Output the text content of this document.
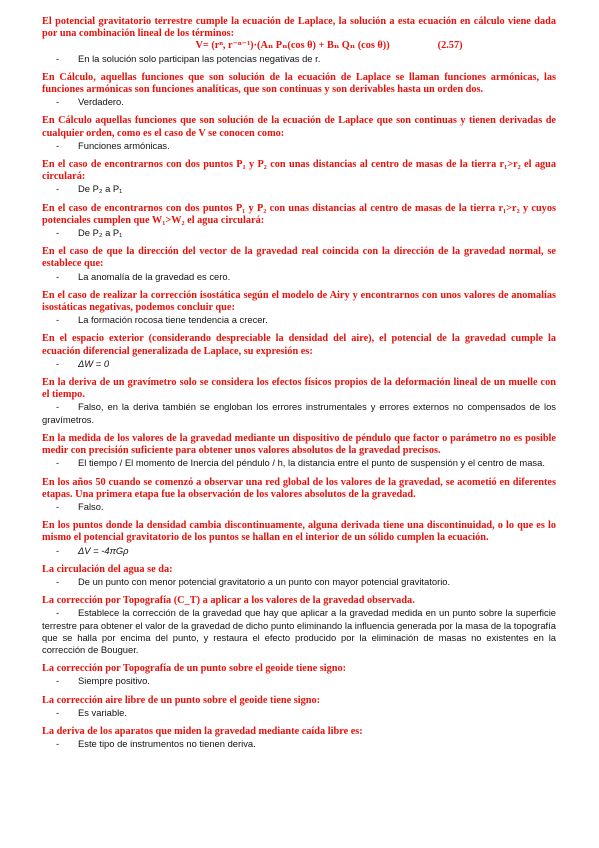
El potencial gravitatorio terrestre cumple la ecuación de Laplace, la solución a esta ecuación en cálculo viene dada por una combinación lineal de los términos:

V= (rⁿ, r⁻ⁿ⁻¹)·(Aₙ Pₙ(cos θ) + Bₙ Qₙ (cos θ))	(2.57)

- En la solución solo participan las potencias negativas de r.

En Cálculo, aquellas funciones que son solución de la ecuación de Laplace se llaman funciones armónicas, las funciones armónicas son funciones analíticas, que son continuas y son derivables hasta un orden dos.

- Verdadero.

En Cálculo aquellas funciones que son solución de la ecuación de Laplace que son continuas y tienen derivadas de cualquier orden, como es el caso de V se conocen como:

- Funciones armónicas.

En el caso de encontrarnos con dos puntos P₁ y P₂ con unas distancias al centro de masas de la tierra r₁>r₂ el agua circulará:

- De P₂ a P₁

En el caso de encontrarnos con dos puntos P₁ y P₂ con unas distancias al centro de masas de la tierra r₁>r₂ y cuyos potenciales cumplen que W₁>W₂ el agua circulará:

- De P₂ a P₁

En el caso de que la dirección del vector de la gravedad real coincida con la dirección de la gravedad normal, se establece que:

- La anomalía de la gravedad es cero.

En el caso de realizar la corrección isostática según el modelo de Airy y encontrarnos con unos valores de anomalías isostáticas negativas, podemos concluir que:

- La formación rocosa tiene tendencia a crecer.

En el espacio exterior (considerando despreciable la densidad del aire), el potencial de la gravedad cumple la ecuación diferencial generalizada de Laplace, su expresión es:

- ΔW = 0

En la deriva de un gravímetro solo se considera los efectos físicos propios de la deformación lineal de un muelle con el tiempo.

- Falso, en la deriva también se engloban los errores instrumentales y errores externos no compensados de los gravímetros.

En la medida de los valores de la gravedad mediante un dispositivo de péndulo que factor o parámetro no es posible medir con precisión suficiente para obtener unos valores absolutos de la gravedad precisos.

- El tiempo / El momento de Inercia del péndulo / h, la distancia entre el punto de suspensión y el centro de masa.

En los años 50 cuando se comenzó a observar una red global de los valores de la gravedad, se acometió en diferentes etapas. Una primera etapa fue la observación de los valores absolutos de la gravedad.

- Falso.

En los puntos donde la densidad cambia discontinuamente, alguna derivada tiene una discontinuidad, o lo que es lo mismo el potencial gravitatorio de los puntos se hallan en el interior de un sólido cumplen la ecuación.

- ΔV = -4πGρ

La circulación del agua se da:

- De un punto con menor potencial gravitatorio a un punto con mayor potencial gravitatorio.

La corrección por Topografía (C_T) a aplicar a los valores de la gravedad observada.

- Establece la corrección de la gravedad que hay que aplicar a la gravedad medida en un punto sobre la superficie terrestre para obtener el valor de la gravedad de dicho punto eliminando la influencia generada por la masa de la topografía que se halla por encima del punto, y restaura el efecto producido por la eliminación de masas no existentes en la corrección de Bouguer.

La corrección por Topografía de un punto sobre el geoide tiene signo:

- Siempre positivo.

La corrección aire libre de un punto sobre el geoide tiene signo:

- Es variable.

La deriva de los aparatos que miden la gravedad mediante caída libre es:

- Este tipo de instrumentos no tienen deriva.
